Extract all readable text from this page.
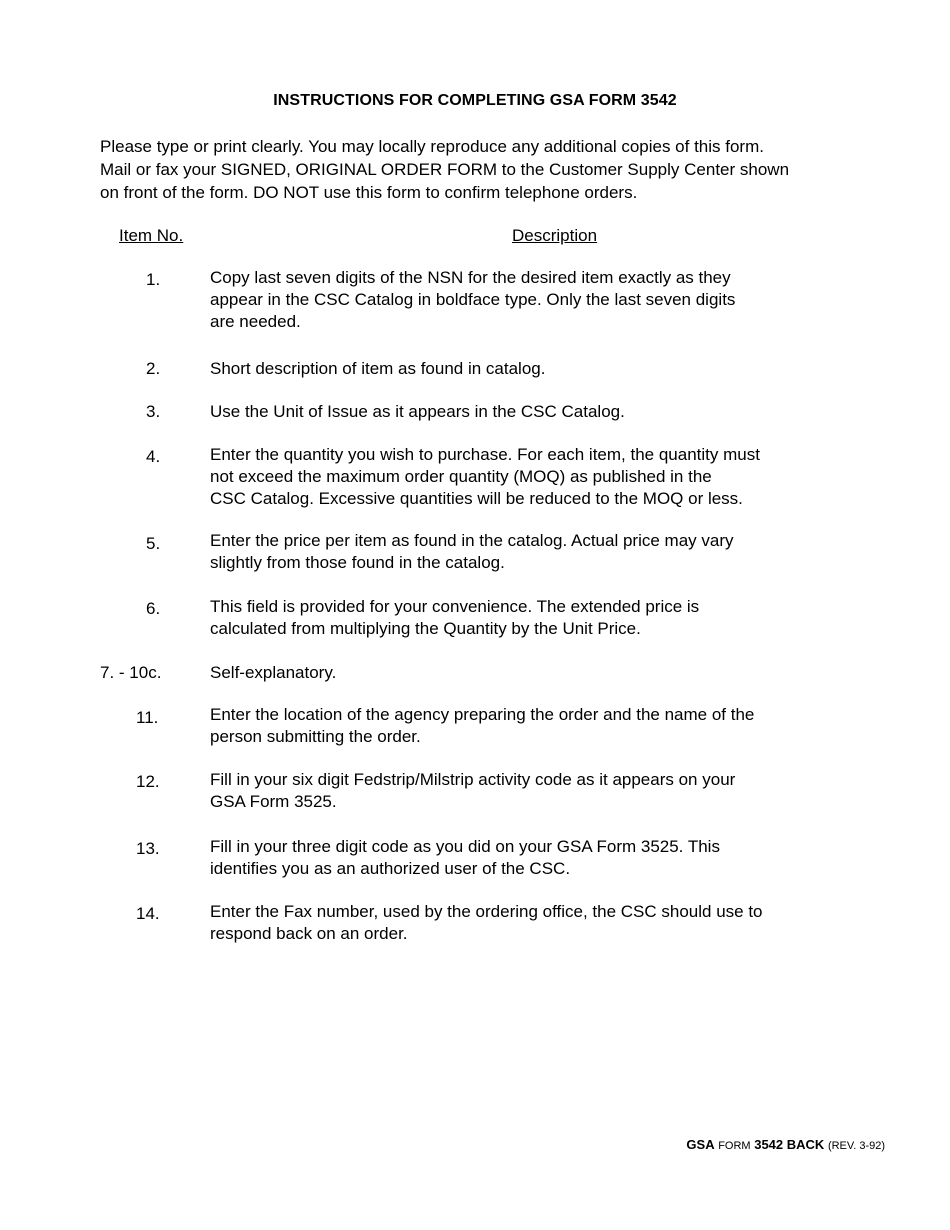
INSTRUCTIONS FOR COMPLETING GSA FORM 3542
Please type or print clearly. You may locally reproduce any additional copies of this form.
Mail or fax your SIGNED, ORIGINAL ORDER FORM to the Customer Supply Center shown
on front of the form. DO NOT use this form to confirm telephone orders.
Item No.	Description
1.	Copy last seven digits of the NSN for the desired item exactly as they
appear in the CSC Catalog in boldface type. Only the last seven digits
are needed.
2.	Short description of item as found in catalog.
3.	Use the Unit of Issue as it appears in the CSC Catalog.
4.	Enter the quantity you wish to purchase. For each item, the quantity must
not exceed the maximum order quantity (MOQ) as published in the
CSC Catalog. Excessive quantities will be reduced to the MOQ or less.
5.	Enter the price per item as found in the catalog. Actual price may vary
slightly from those found in the catalog.
6.	This field is provided for your convenience. The extended price is
calculated from multiplying the Quantity by the Unit Price.
7. - 10c.	Self-explanatory.
11.	Enter the location of the agency preparing the order and the name of the
person submitting the order.
12.	Fill in your six digit Fedstrip/Milstrip activity code as it appears on your
GSA Form 3525.
13.	Fill in your three digit code as you did on your GSA Form 3525. This
identifies you as an authorized user of the CSC.
14.	Enter the Fax number, used by the ordering office, the CSC should use to
respond back on an order.
GSA FORM 3542 BACK (REV. 3-92)
